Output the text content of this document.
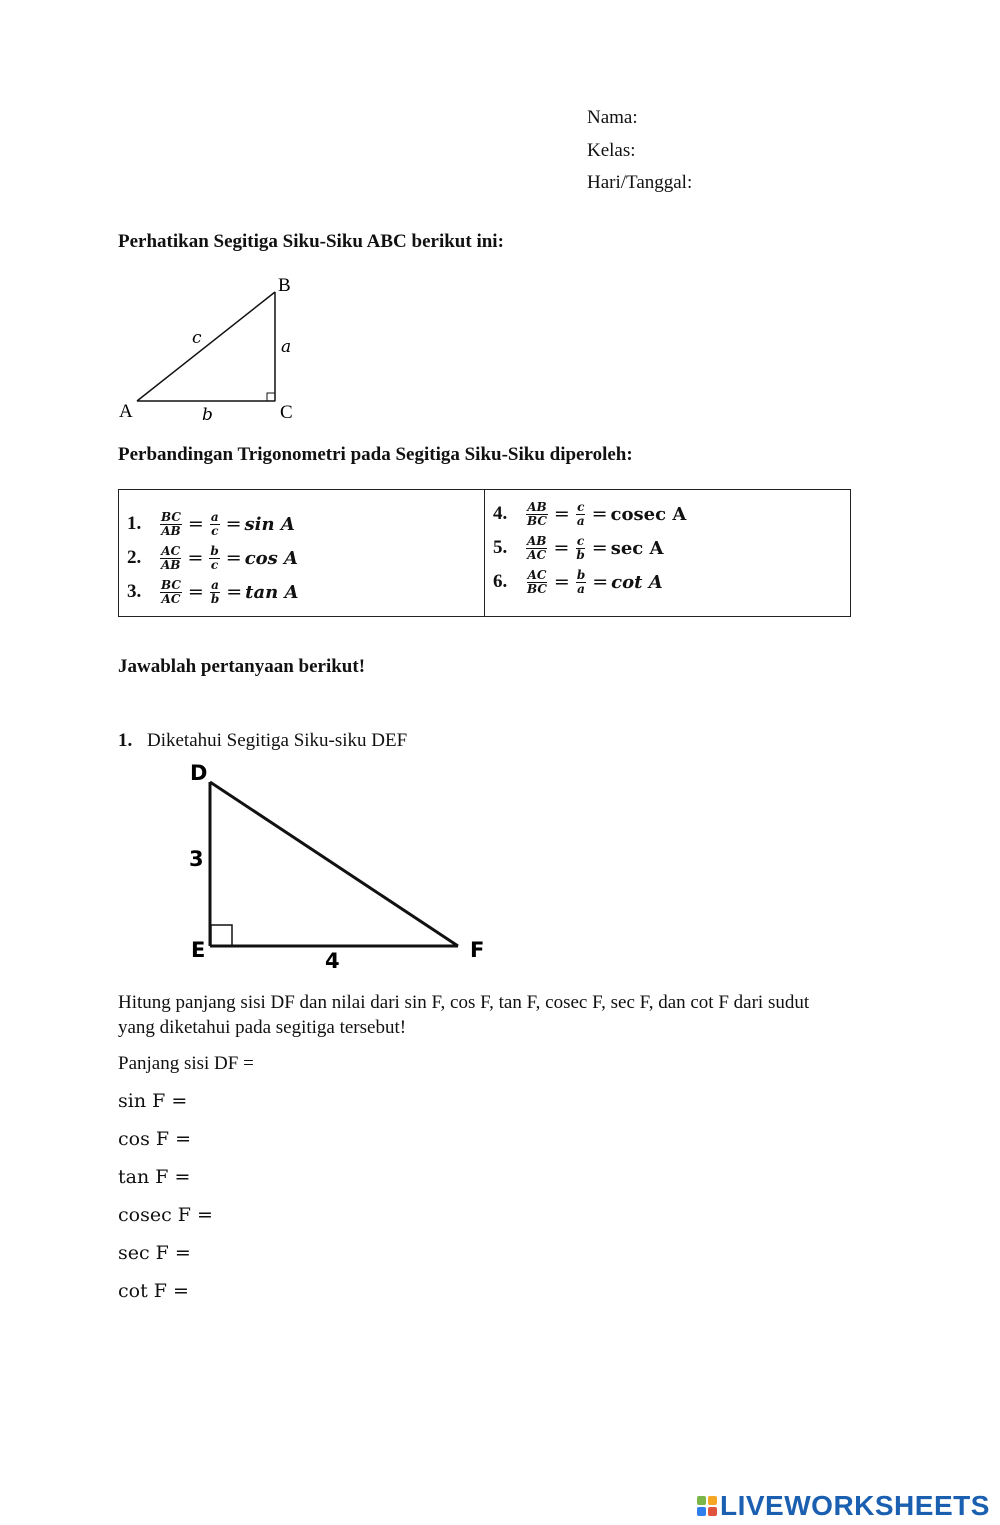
Nama:
Kelas:
Hari/Tanggal:
Perhatikan Segitiga Siku-Siku ABC berikut ini:
B
A	C
a
b
c
Perbandingan Trigonometri pada Segitiga Siku-Siku diperoleh:
1.	$\frac{BC}{AB} = \frac{a}{c} = \sin A$
2.	$\frac{AC}{AB} = \frac{b}{c} = \cos A$
3.	$\frac{BC}{AC} = \frac{a}{b} = \tan A$

4.	$\frac{AB}{BC} = \frac{c}{a} = cosec$ A
5.	$\frac{AB}{AC} = \frac{c}{b} = \sec A$
6.	$\frac{AC}{BC} = \frac{b}{a} = \cot A$
Jawablah pertanyaan berikut!
1. Diketahui Segitiga Siku-siku DEF
D
E	F
3
4
Hitung panjang sisi DF dan nilai dari sin F, cos F, tan F, cosec F, sec F, dan cot F dari sudut
yang diketahui pada segitiga tersebut!
Panjang sisi DF =
sin F =
cos F =
tan F =
cosec F =
sec F =
cot F =
LIVEWORKSHEETS
